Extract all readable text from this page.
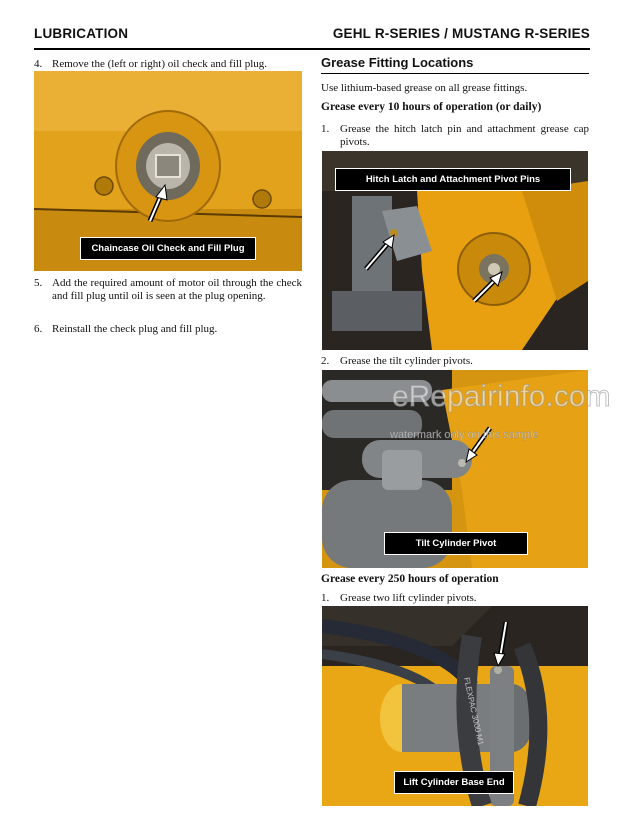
LUBRICATION	GEHL R-SERIES / MUSTANG R-SERIES
4. Remove the (left or right) oil check and fill plug.
Chaincase Oil Check and Fill Plug
5. Add the required amount of motor oil through the check and fill plug until oil is seen at the plug opening.
6. Reinstall the check plug and fill plug.
Grease Fitting Locations
Use lithium-based grease on all grease fittings.
Grease every 10 hours of operation (or daily)
1. Grease the hitch latch pin and attachment grease cap pivots.
Hitch Latch and Attachment Pivot Pins
2. Grease the tilt cylinder pivots.
Tilt Cylinder Pivot
eRepairinfo.com
watermark only on this sample
Grease every 250 hours of operation
1. Grease two lift cylinder pivots.
FLEXPAC 3000 M1
Lift Cylinder Base End
